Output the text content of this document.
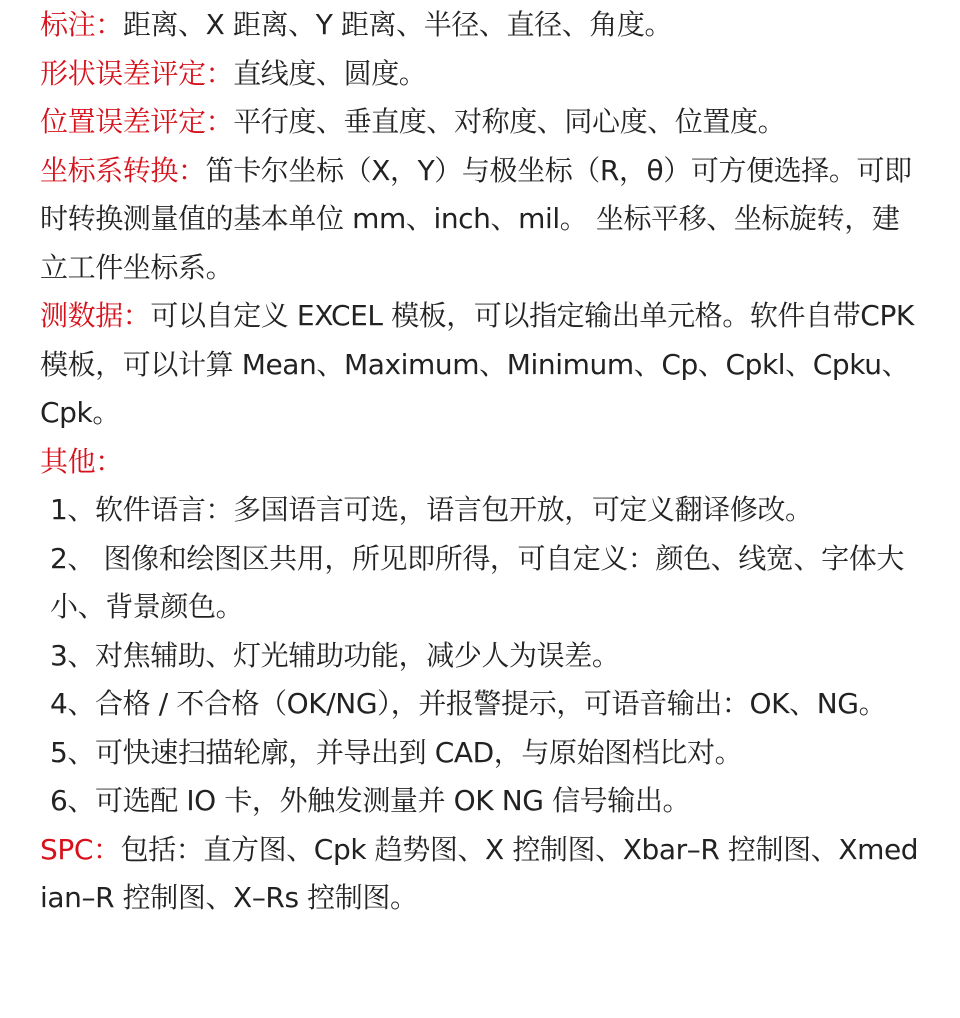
标注：距离、X 距离、Y 距离、半径、直径、角度。

形状误差评定：直线度、圆度。

位置误差评定：平行度、垂直度、对称度、同心度、位置度。

坐标系转换：笛卡尔坐标（X，Y）与极坐标（R，θ）可方便选择。可即时转换测量值的基本单位 mm、inch、mil。 坐标平移、坐标旋转，建立工件坐标系。

测数据：可以自定义 EXCEL 模板，可以指定输出单元格。软件自带CPK 模板，可以计算 Mean、Maximum、Minimum、Cp、Cpkl、Cpku、Cpk。

其他：

1、软件语言：多国语言可选，语言包开放，可定义翻译修改。

2、 图像和绘图区共用，所见即所得，可自定义：颜色、线宽、字体大小、背景颜色。

3、对焦辅助、灯光辅助功能，减少人为误差。

4、合格 / 不合格（OK/NG），并报警提示，可语音输出：OK、NG。

5、可快速扫描轮廓，并导出到 CAD，与原始图档比对。

6、可选配 IO 卡，外触发测量并 OK NG 信号输出。

SPC：包括：直方图、Cpk 趋势图、X 控制图、Xbar–R 控制图、Xmedian–R 控制图、X–Rs 控制图。
